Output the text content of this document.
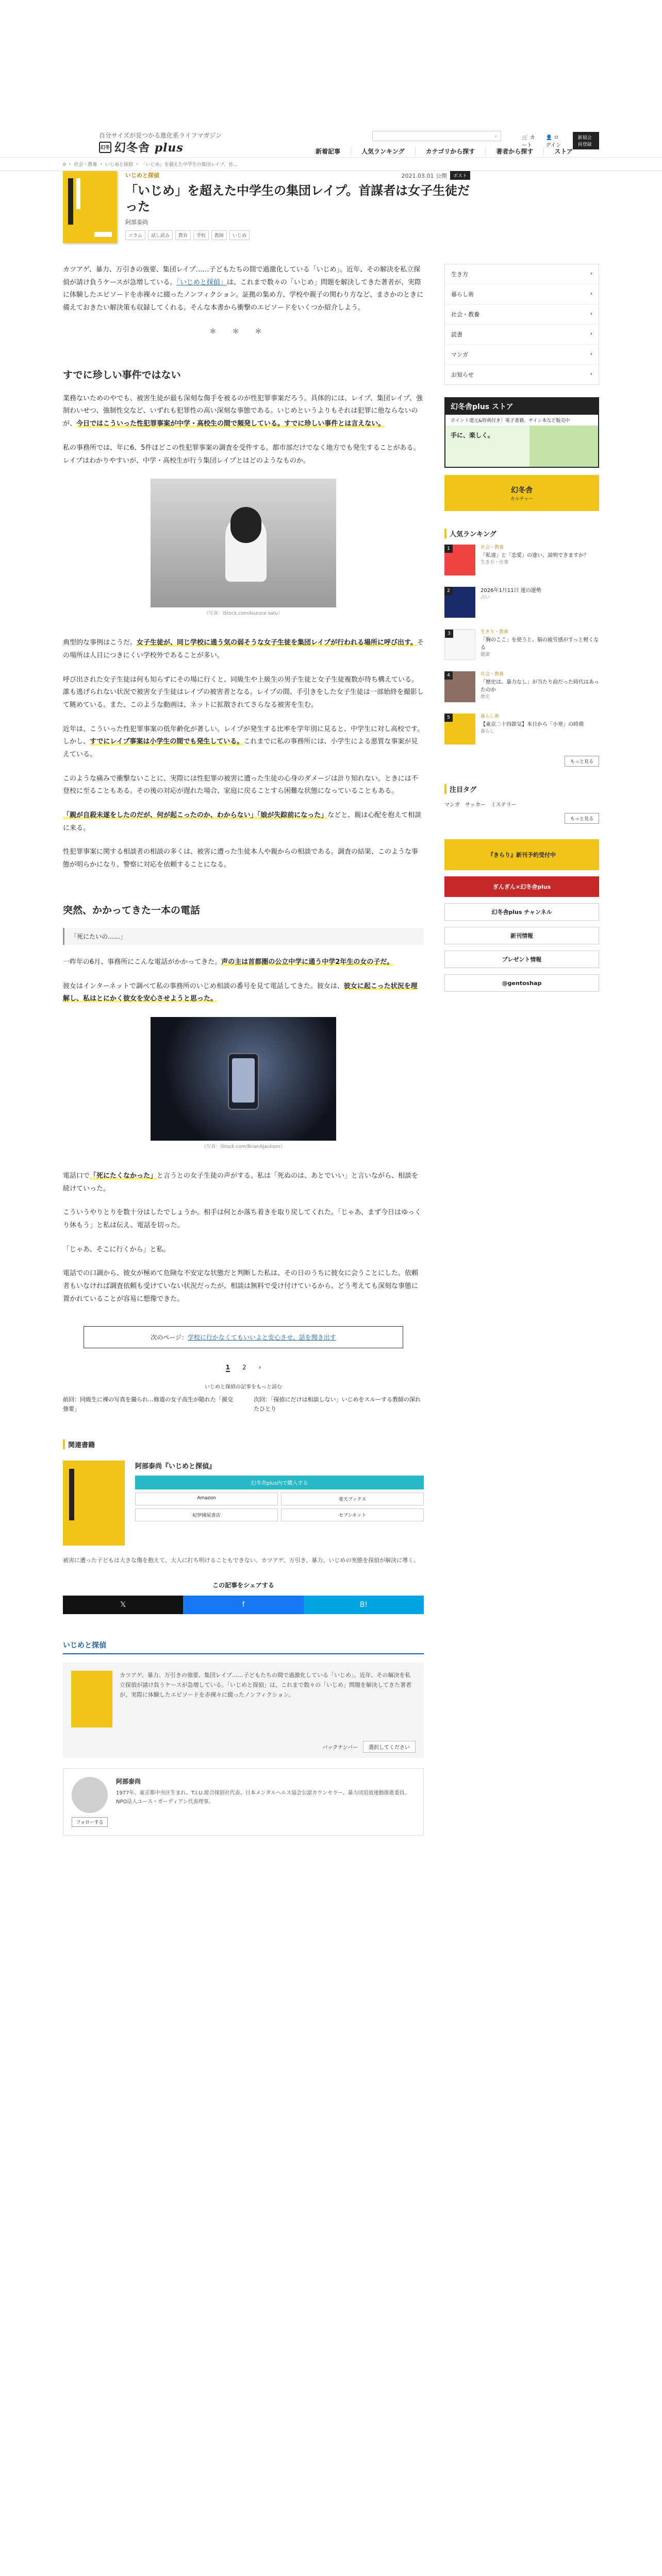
自分サイズが見つかる進化系ライフマガジン
幻冬 幻冬舎 plus
⌕	🛒 カート
👤 ログイン
新規会員登録
新着記事	人気ランキング	カテゴリから探す	著者から探す	ストア
⌂ › 社会・教養 › いじめと探偵 › 「いじめ」を超えた中学生の集団レイプ。首...
いじめと探偵	2021.03.01 公開	ポスト
「いじめ」を超えた中学生の集団レイプ。首謀者は女子生徒だった
阿部泰尚
コラム	試し読み	教育	学校	教師	いじめ

カツアゲ、暴力、万引きの強要、集団レイプ……子どもたちの間で過激化している「いじめ」。近年、その解決を私立探偵が請け負うケースが急増している。「いじめと探偵」は、これまで数々の「いじめ」問題を解決してきた著者が、実際に体験したエピソードを赤裸々に綴ったノンフィクション。証拠の集め方、学校や親子の関わり方など、まさかのときに備えておきたい解決策も収録してくれる。そんな本書から衝撃のエピソードをいくつか紹介しよう。

＊＊＊
すでに珍しい事件ではない

業務ないためのやでも、被害生徒が最も深刻な傷手を被るのが性犯罪事案だろう。具体的には、レイプ、集団レイプ、強制わいせつ、強制性交など、いずれも犯罪性の高い深刻な事態である。いじめというよりもそれは犯罪に他ならないのが、今日ではこういった性犯罪事案が中学・高校生の間で頻発している。すでに珍しい事件とは言えない。

私の事務所では、年に6、5件ほどこの性犯罪事案の調査を受件する。都市部だけでなく地方でも発生することがある。レイプはわかりやすいが、中学・高校生が行う集団レイプとはどのようなものか。

（写真：iStock.com/kuzune satu）

典型的な事例はこうだ。女子生徒が、同じ学校に通う気の弱そうな女子生徒を集団レイプが行われる場所に呼び出す。その場所は人目につきにくい学校外であることが多い。

呼び出された女子生徒は何も知らずにその場に行くと、同級生や上級生の男子生徒と女子生徒複数が待ち構えている。誰も逃げられない状況で被害女子生徒はレイプの被害者となる。レイプの間、手引きをした女子生徒は一部始終を撮影して眺めている。また、このような動画は、ネットに拡散されてさらなる被害を生む。

近年は、こういった性犯罪事案の低年齢化が著しい。レイプが発生する比率を学年別に見ると、中学生に対し高校です。しかし、すでにレイプ事案は小学生の間でも発生している。これまでに私の事務所には、小学生による悪質な事案が見えている。

このような痛みで衝撃ないことに、実際には性犯罪の被害に遭った生徒の心身のダメージは計り知れない。ときには不登校に至ることもある。その後の対応が遅れた場合、家庭に戻ることすら困難な状態になっていることもある。

「親が自殺未遂をしたのだが、何が起こったのか、わからない」「娘が失踪前になった」などと、親は心配を抱えて相談に来る。

性犯罪事案に関する相談者の相談の多くは、被害に遭った生徒本人や親からの相談である。調査の結果、このような事態が明らかになり、警察に対応を依頼することになる。

突然、かかってきた一本の電話
「死にたいの……」

一昨年の6月、事務所にこんな電話がかかってきた。声の主は首都圏の公立中学に通う中学2年生の女の子だ。

彼女はインターネットで調べて私の事務所のいじめ相談の番号を見て電話してきた。彼女は、彼女に起こった状況を理解し、私はとにかく彼女を安心させようと思った。

（写真：iStock.com/BrianAJackson）

電話口で「死にたくなかった」と言うとの女子生徒の声がする。私は「死ぬのは、あとでいい」と言いながら、相談を続けていった。

こういうやりとりを数十分はしたでしょうか。相手は何とか落ち着きを取り戻してくれた。「じゃあ、まず今日はゆっくり休もう」と私は伝え、電話を切った。

「じゃあ、そこに行くから」と私。

電話での口調から、彼女が極めて危険な不安定な状態だと判断した私は、その日のうちに彼女に会うことにした。依頼者もいなければ調査依頼も受けていない状況だったが、相談は無料で受け付けているから、どう考えても深刻な事態に置かれていることが容易に想像できた。

次のページ：学校に行かなくてもいいよと安心させ、話を聞き出す
1 2 ›
いじめと探偵の記事をもっと読む
前回：同級生に裸の写真を撮られ…修道の女子高生が陥れた「援交強要」
次回：「探偵にだけは相談しない」いじめをスルーする教師の深れたひとり
関連書籍
阿部泰尚『いじめと探偵』
幻冬舎plus内で購入する
Amazon	楽天ブックス
紀伊國屋書店	セブンネット

被害に遭った子どもは大きな傷を抱えて、大人に打ち明けることもできない。カツアゲ、万引き、暴力、いじめの実態を探偵が解決に導く。

この記事をシェアする
𝕏	f	B!
いじめと探偵

カツアゲ、暴力、万引きの強要、集団レイプ……子どもたちの間で過激化している「いじめ」。近年、その解決を私立探偵が請け負うケースが急増している。「いじめと探偵」は、これまで数々の「いじめ」問題を解決してきた著者が、実際に体験したエピソードを赤裸々に綴ったノンフィクション。

バックナンバー	選択してください
フォローする
阿部泰尚

1977年、東京都中央区生まれ。T.I.U.総合探偵社代表。日本メンタルヘルス協会公認カウンセラー。暴力団追放運動推進委員。NPO法人ユース・ガーディアン代表理事。

生き方	›
暮らし術	›
社会・教養	›
読書	›
マンガ	›
お知らせ	›
幻冬舎plus ストア
ポイント還元&特典付き！電子書籍、サイン本など販売中
手に、楽しく。
幻冬舎
カルチャー
人気ランキング
1	社会・教養
「私達」と「恋愛」の違い、説明できますか？
生き方・仕事
2	2026年1月11日 運の運勢
占い
3	生き方・教養
「胸のここ」を使うと、脳の疲労感がすっと軽くなる
健康
4	社会・教養
「歴史は、暴力なし」が当たり前だった時代はあったのか
歴史
5	暮らし術
【東京二十四節気】本日から「小寒」の時期
暮らし
もっと見る
注目タグ
マンガ サッカー ミステリー
もっと見る
『きらり』新刊予約受付中
ぎんぎん×幻冬舎plus
幻冬舎plus チャンネル
新刊情報
プレゼント情報
@gentoshap
